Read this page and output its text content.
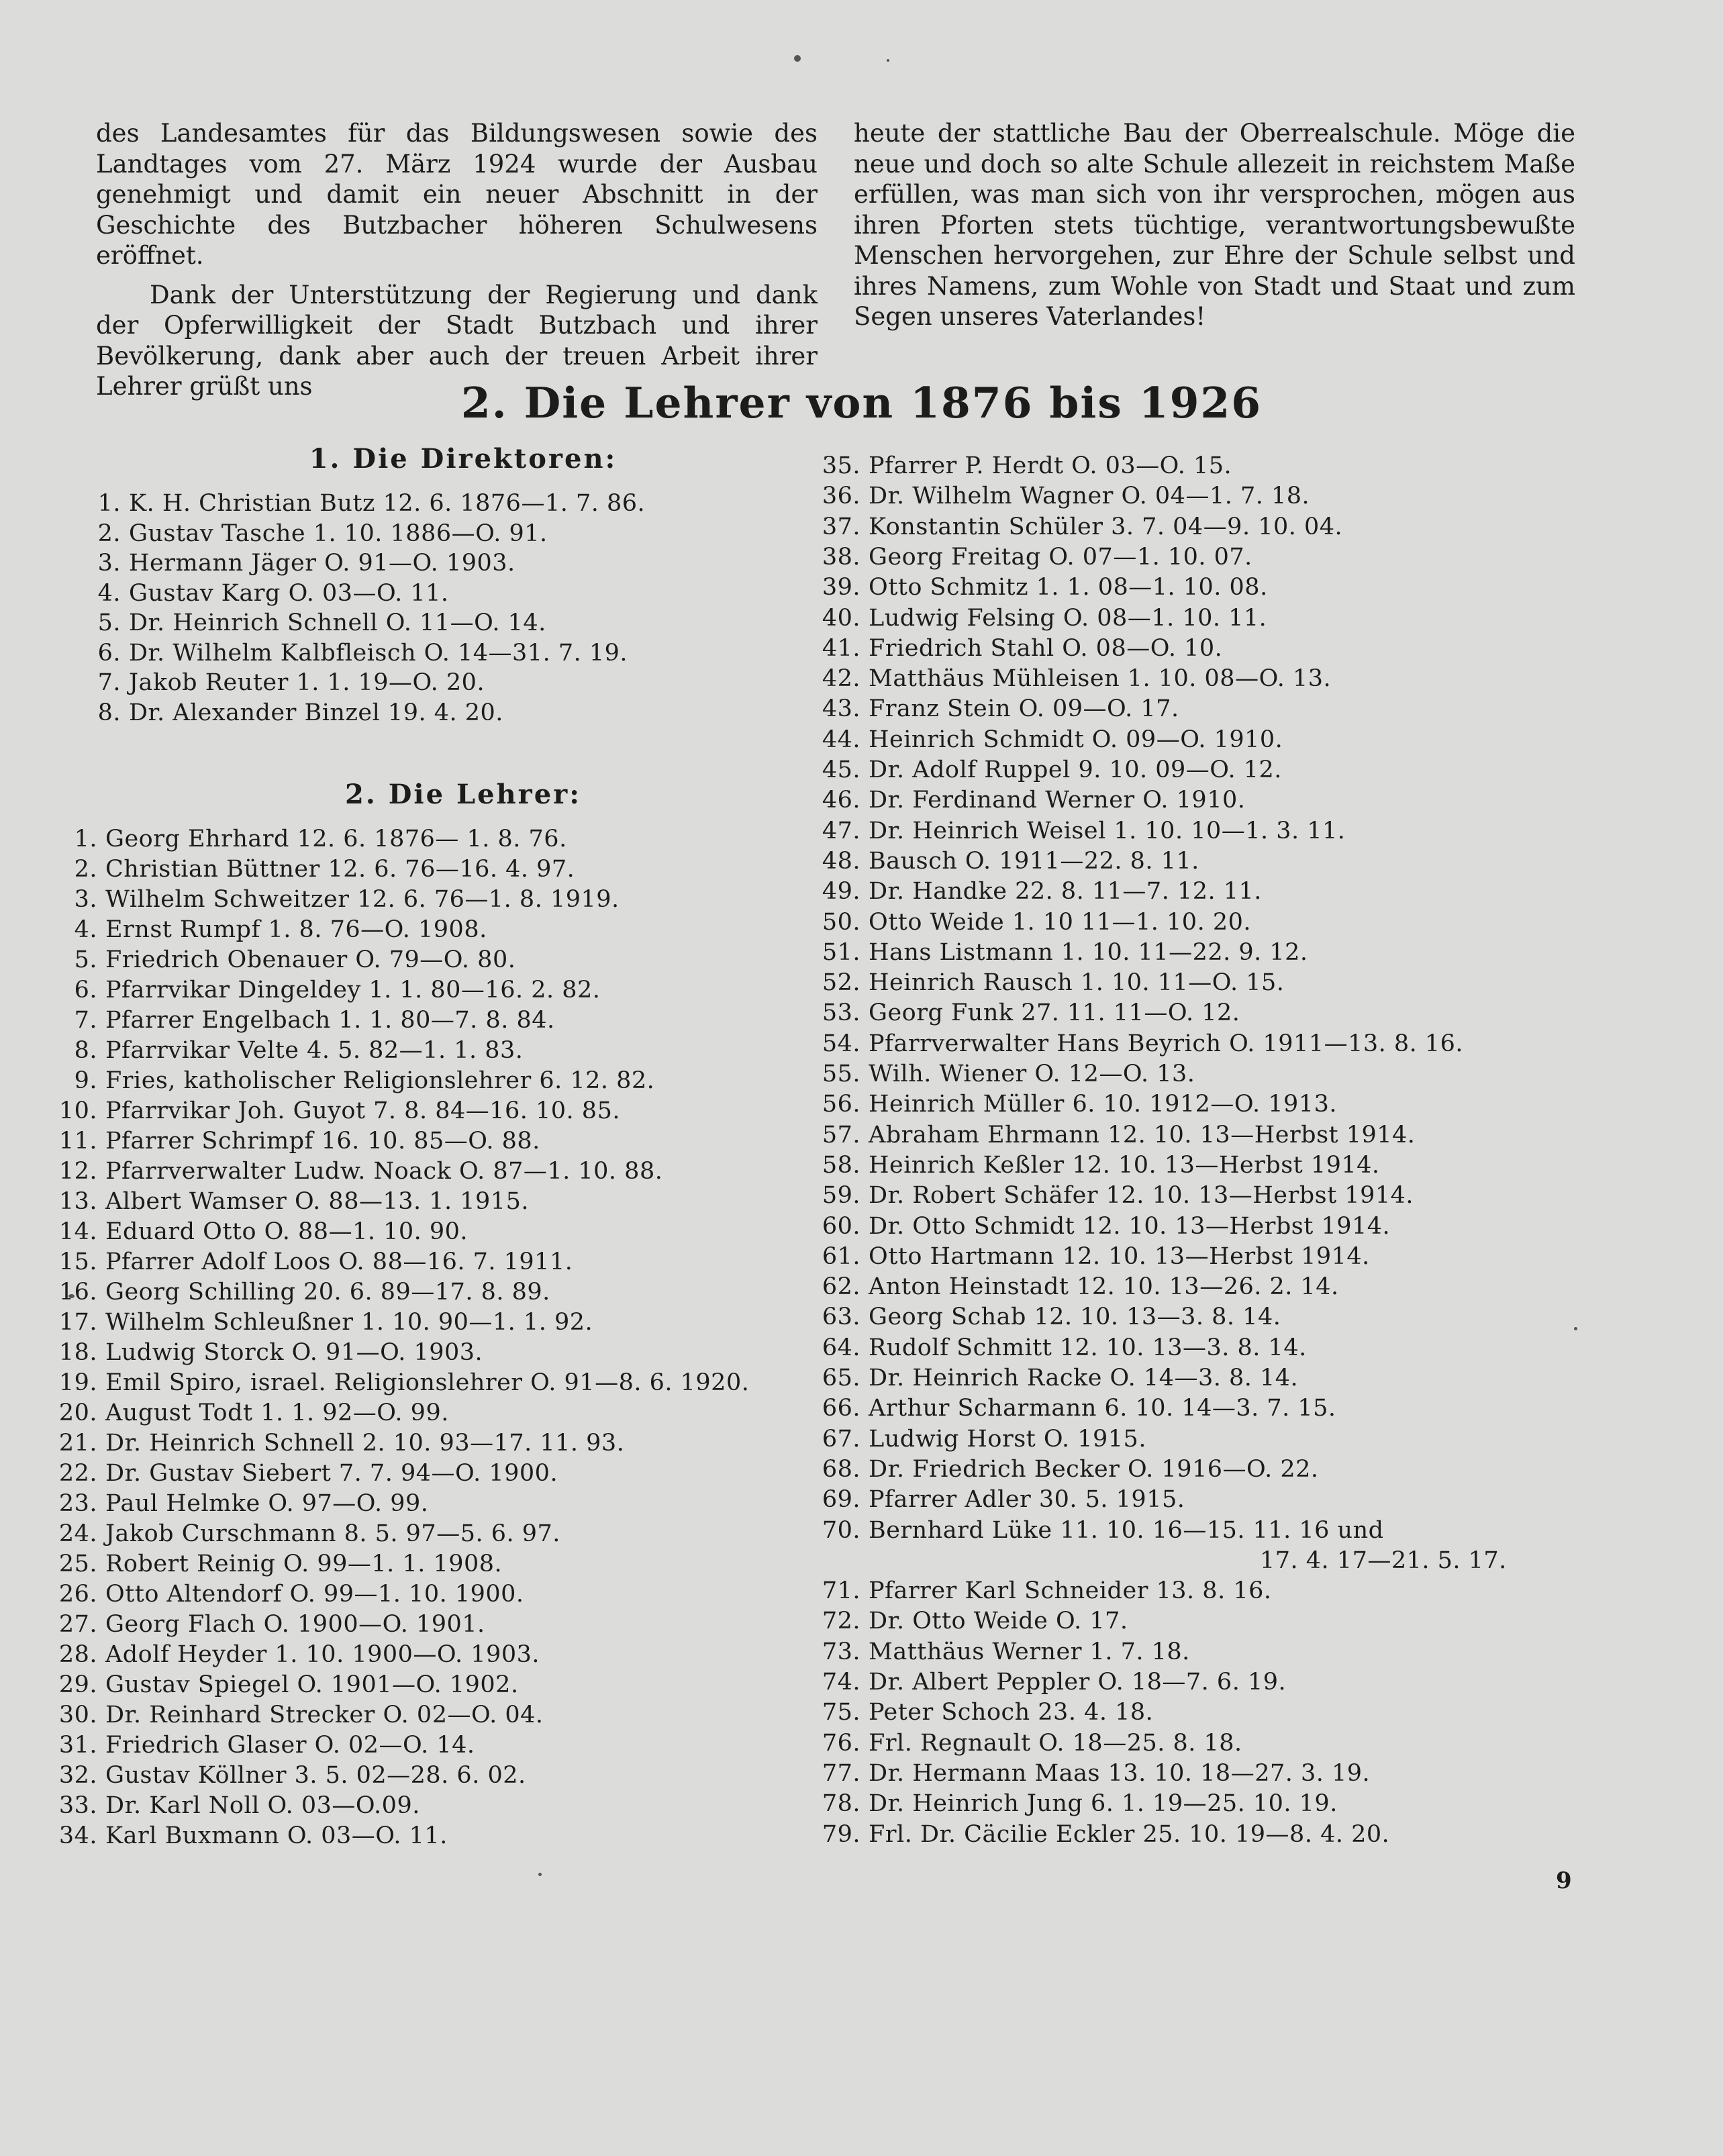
des Landesamtes für das Bildungswesen sowie des Landtages vom 27. März 1924 wurde der Ausbau genehmigt und damit ein neuer Abschnitt in der Geschichte des Butzbacher höheren Schulwesens eröffnet.

Dank der Unterstützung der Regierung und dank der Opferwilligkeit der Stadt Butzbach und ihrer Bevölkerung, dank aber auch der treuen Arbeit ihrer Lehrer grüßt uns

heute der stattliche Bau der Oberrealschule. Möge die neue und doch so alte Schule allezeit in reichstem Maße erfüllen, was man sich von ihr versprochen, mögen aus ihren Pforten stets tüchtige, verantwortungsbewußte Menschen hervorgehen, zur Ehre der Schule selbst und ihres Namens, zum Wohle von Stadt und Staat und zum Segen unseres Vaterlandes!

2. Die Lehrer von 1876 bis 1926
1. Die Direktoren:
1. K. H. Christian Butz 12. 6. 1876—1. 7. 86.
2. Gustav Tasche 1. 10. 1886—O. 91.
3. Hermann Jäger O. 91—O. 1903.
4. Gustav Karg O. 03—O. 11.
5. Dr. Heinrich Schnell O. 11—O. 14.
6. Dr. Wilhelm Kalbfleisch O. 14—31. 7. 19.
7. Jakob Reuter 1. 1. 19—O. 20.
8. Dr. Alexander Binzel 19. 4. 20.
2. Die Lehrer:
1. Georg Ehrhard 12. 6. 1876— 1. 8. 76.
2. Christian Büttner 12. 6. 76—16. 4. 97.
3. Wilhelm Schweitzer 12. 6. 76—1. 8. 1919.
4. Ernst Rumpf 1. 8. 76—O. 1908.
5. Friedrich Obenauer O. 79—O. 80.
6. Pfarrvikar Dingeldey 1. 1. 80—16. 2. 82.
7. Pfarrer Engelbach 1. 1. 80—7. 8. 84.
8. Pfarrvikar Velte 4. 5. 82—1. 1. 83.
9. Fries, katholischer Religionslehrer 6. 12. 82.
10. Pfarrvikar Joh. Guyot 7. 8. 84—16. 10. 85.
11. Pfarrer Schrimpf 16. 10. 85—O. 88.
12. Pfarrverwalter Ludw. Noack O. 87—1. 10. 88.
13. Albert Wamser O. 88—13. 1. 1915.
14. Eduard Otto O. 88—1. 10. 90.
15. Pfarrer Adolf Loos O. 88—16. 7. 1911.
16. Georg Schilling 20. 6. 89—17. 8. 89.
17. Wilhelm Schleußner 1. 10. 90—1. 1. 92.
18. Ludwig Storck O. 91—O. 1903.
19. Emil Spiro, israel. Religionslehrer O. 91—8. 6. 1920.
20. August Todt 1. 1. 92—O. 99.
21. Dr. Heinrich Schnell 2. 10. 93—17. 11. 93.
22. Dr. Gustav Siebert 7. 7. 94—O. 1900.
23. Paul Helmke O. 97—O. 99.
24. Jakob Curschmann 8. 5. 97—5. 6. 97.
25. Robert Reinig O. 99—1. 1. 1908.
26. Otto Altendorf O. 99—1. 10. 1900.
27. Georg Flach O. 1900—O. 1901.
28. Adolf Heyder 1. 10. 1900—O. 1903.
29. Gustav Spiegel O. 1901—O. 1902.
30. Dr. Reinhard Strecker O. 02—O. 04.
31. Friedrich Glaser O. 02—O. 14.
32. Gustav Köllner 3. 5. 02—28. 6. 02.
33. Dr. Karl Noll O. 03—O.09.
34. Karl Buxmann O. 03—O. 11.
35. Pfarrer P. Herdt O. 03—O. 15.
36. Dr. Wilhelm Wagner O. 04—1. 7. 18.
37. Konstantin Schüler 3. 7. 04—9. 10. 04.
38. Georg Freitag O. 07—1. 10. 07.
39. Otto Schmitz 1. 1. 08—1. 10. 08.
40. Ludwig Felsing O. 08—1. 10. 11.
41. Friedrich Stahl O. 08—O. 10.
42. Matthäus Mühleisen 1. 10. 08—O. 13.
43. Franz Stein O. 09—O. 17.
44. Heinrich Schmidt O. 09—O. 1910.
45. Dr. Adolf Ruppel 9. 10. 09—O. 12.
46. Dr. Ferdinand Werner O. 1910.
47. Dr. Heinrich Weisel 1. 10. 10—1. 3. 11.
48. Bausch O. 1911—22. 8. 11.
49. Dr. Handke 22. 8. 11—7. 12. 11.
50. Otto Weide 1. 10 11—1. 10. 20.
51. Hans Listmann 1. 10. 11—22. 9. 12.
52. Heinrich Rausch 1. 10. 11—O. 15.
53. Georg Funk 27. 11. 11—O. 12.
54. Pfarrverwalter Hans Beyrich O. 1911—13. 8. 16.
55. Wilh. Wiener O. 12—O. 13.
56. Heinrich Müller 6. 10. 1912—O. 1913.
57. Abraham Ehrmann 12. 10. 13—Herbst 1914.
58. Heinrich Keßler 12. 10. 13—Herbst 1914.
59. Dr. Robert Schäfer 12. 10. 13—Herbst 1914.
60. Dr. Otto Schmidt 12. 10. 13—Herbst 1914.
61. Otto Hartmann 12. 10. 13—Herbst 1914.
62. Anton Heinstadt 12. 10. 13—26. 2. 14.
63. Georg Schab 12. 10. 13—3. 8. 14.
64. Rudolf Schmitt 12. 10. 13—3. 8. 14.
65. Dr. Heinrich Racke O. 14—3. 8. 14.
66. Arthur Scharmann 6. 10. 14—3. 7. 15.
67. Ludwig Horst O. 1915.
68. Dr. Friedrich Becker O. 1916—O. 22.
69. Pfarrer Adler 30. 5. 1915.
70. Bernhard Lüke 11. 10. 16—15. 11. 16 und
17. 4. 17—21. 5. 17.
71. Pfarrer Karl Schneider 13. 8. 16.
72. Dr. Otto Weide O. 17.
73. Matthäus Werner 1. 7. 18.
74. Dr. Albert Peppler O. 18—7. 6. 19.
75. Peter Schoch 23. 4. 18.
76. Frl. Regnault O. 18—25. 8. 18.
77. Dr. Hermann Maas 13. 10. 18—27. 3. 19.
78. Dr. Heinrich Jung 6. 1. 19—25. 10. 19.
79. Frl. Dr. Cäcilie Eckler 25. 10. 19—8. 4. 20.
9
